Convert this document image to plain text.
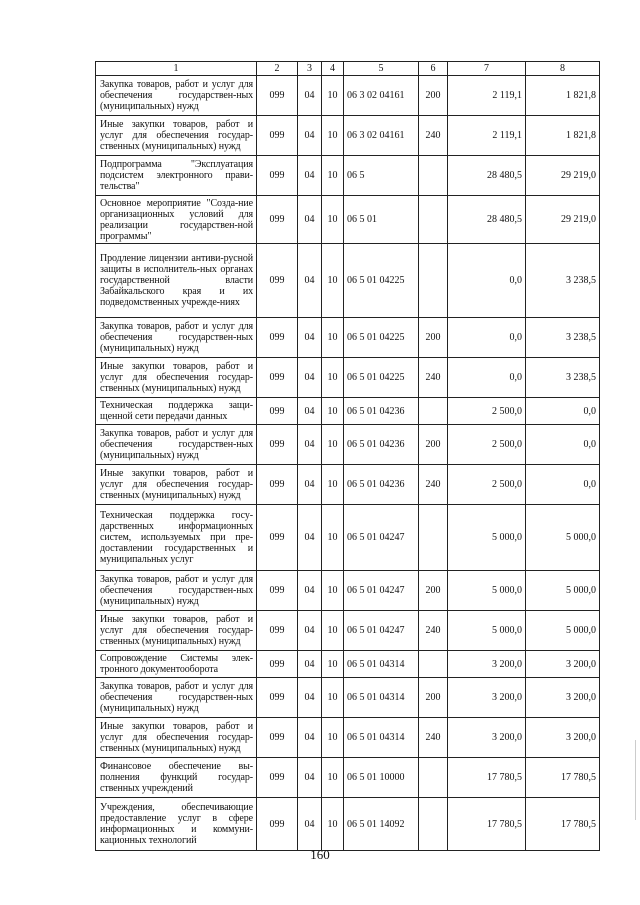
1	2	3	4	5	6	7	8
Закупка товаров, работ и услуг для обеспечения государствен-ных (муниципальных) нужд	099	04	10	06 3 02 04161	200	2 119,1	1 821,8
Иные закупки товаров, работ и услуг для обеспечения государ-ственных (муниципальных) нужд	099	04	10	06 3 02 04161	240	2 119,1	1 821,8
Подпрограмма "Эксплуатация подсистем электронного прави-тельства"	099	04	10	06 5		28 480,5	29 219,0
Основное мероприятие "Созда-ние организационных условий для реализации государствен-ной программы"	099	04	10	06 5 01		28 480,5	29 219,0
Продление лицензии антиви-русной защиты в исполнитель-ных органах государственной власти Забайкальского края и их подведомственных учрежде-ниях	099	04	10	06 5 01 04225		0,0	3 238,5
Закупка товаров, работ и услуг для обеспечения государствен-ных (муниципальных) нужд	099	04	10	06 5 01 04225	200	0,0	3 238,5
Иные закупки товаров, работ и услуг для обеспечения государ-ственных (муниципальных) нужд	099	04	10	06 5 01 04225	240	0,0	3 238,5
Техническая поддержка защи-щенной сети передачи данных	099	04	10	06 5 01 04236		2 500,0	0,0
Закупка товаров, работ и услуг для обеспечения государствен-ных (муниципальных) нужд	099	04	10	06 5 01 04236	200	2 500,0	0,0
Иные закупки товаров, работ и услуг для обеспечения государ-ственных (муниципальных) нужд	099	04	10	06 5 01 04236	240	2 500,0	0,0
Техническая поддержка госу-дарственных информационных систем, используемых при пре-доставлении государственных и муниципальных услуг	099	04	10	06 5 01 04247		5 000,0	5 000,0
Закупка товаров, работ и услуг для обеспечения государствен-ных (муниципальных) нужд	099	04	10	06 5 01 04247	200	5 000,0	5 000,0
Иные закупки товаров, работ и услуг для обеспечения государ-ственных (муниципальных) нужд	099	04	10	06 5 01 04247	240	5 000,0	5 000,0
Сопровождение Системы элек-тронного документооборота	099	04	10	06 5 01 04314		3 200,0	3 200,0
Закупка товаров, работ и услуг для обеспечения государствен-ных (муниципальных) нужд	099	04	10	06 5 01 04314	200	3 200,0	3 200,0
Иные закупки товаров, работ и услуг для обеспечения государ-ственных (муниципальных) нужд	099	04	10	06 5 01 04314	240	3 200,0	3 200,0
Финансовое обеспечение вы-полнения функций государ-ственных учреждений	099	04	10	06 5 01 10000		17 780,5	17 780,5
Учреждения, обеспечивающие предоставление услуг в сфере информационных и коммуни-кационных технологий	099	04	10	06 5 01 14092		17 780,5	17 780,5
160
